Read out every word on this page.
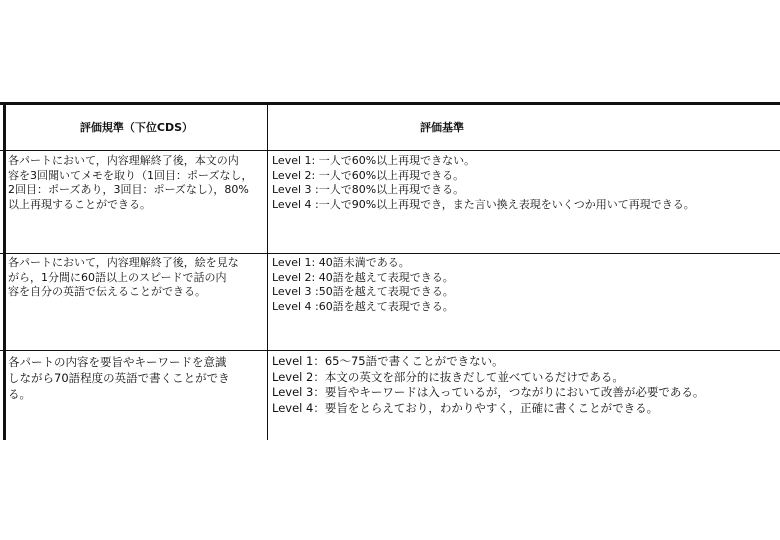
評価規準（下位CDS）	評価基準
各パートにおいて，内容理解終了後，本文の内
容を3回聞いてメモを取り（1回目：ポーズなし，
2回目：ポーズあり，3回目：ポーズなし），80%
以上再現することができる。
Level 1: 一人で60%以上再現できない。
Level 2: 一人で60%以上再現できる。
Level 3 :一人で80%以上再現できる。
Level 4 :一人で90%以上再現でき，また言い換え表現をいくつか用いて再現できる。
各パートにおいて，内容理解終了後，絵を見な
がら，1分間に60語以上のスピードで話の内
容を自分の英語で伝えることができる。
Level 1: 40語未満である。
Level 2: 40語を越えて表現できる。
Level 3 :50語を越えて表現できる。
Level 4 :60語を越えて表現できる。
各パートの内容を要旨やキーワードを意識
しながら70語程度の英語で書くことができ
る。
Level 1：65～75語で書くことができない。
Level 2：本文の英文を部分的に抜きだして並べているだけである。
Level 3：要旨やキーワードは入っているが，つながりにおいて改善が必要である。
Level 4：要旨をとらえており，わかりやすく，正確に書くことができる。
